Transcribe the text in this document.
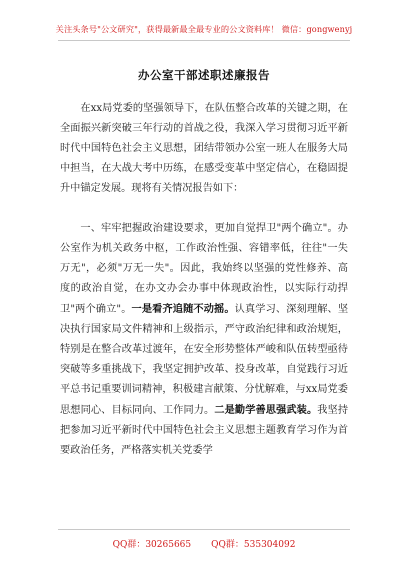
关注头条号"公文研究"，获得最新最全最专业的公文资料库！ 微信：gongwenyj
办公室干部述职述廉报告

在xx局党委的坚强领导下，在队伍整合改革的关键之期，在全面振兴新突破三年行动的首战之役，我深入学习贯彻习近平新时代中国特色社会主义思想，团结带领办公室一班人在服务大局中担当，在大战大考中历练，在感受变革中坚定信心，在稳固提升中锚定发展。现将有关情况报告如下：

一、牢牢把握政治建设要求，更加自觉捍卫"两个确立"。办公室作为机关政务中枢，工作政治性强、容错率低，往往"一失万无"，必须"万无一失"。因此，我始终以坚强的党性修养、高度的政治自觉，在办文办会办事中体现政治性，以实际行动捍卫"两个确立"。一是看齐追随不动摇。认真学习、深刻理解、坚决执行国家局文件精神和上级指示，严守政治纪律和政治规矩，特别是在整合改革过渡年，在安全形势整体严峻和队伍转型亟待突破等多重挑战下，我坚定拥护改革、投身改革，自觉践行习近平总书记重要训词精神，积极建言献策、分忧解难，与xx局党委思想同心、目标同向、工作同力。二是勤学善思强武装。我坚持把参加习近平新时代中国特色社会主义思想主题教育学习作为首要政治任务，严格落实机关党委学

QQ群：30265665 QQ群：535304092
